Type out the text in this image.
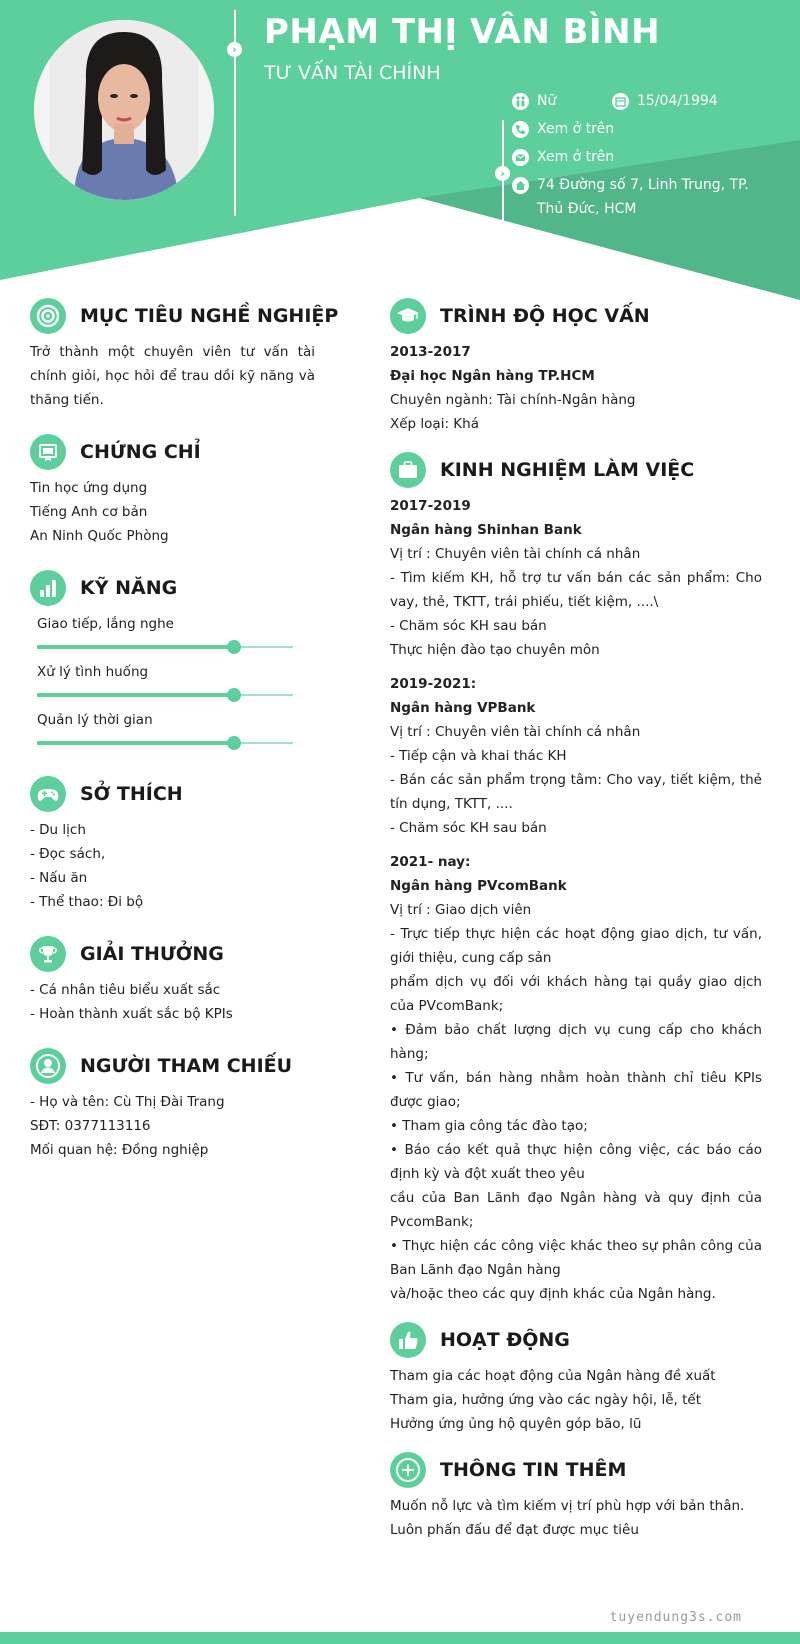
› PHẠM THỊ VÂN BÌNH
TƯ VẤN TÀI CHÍNH
›
Nữ	15/04/1994
Xem ở trên
Xem ở trên
74 Đường số 7, Linh Trung, TP. Thủ Đức, HCM
MỤC TIÊU NGHỀ NGHIỆP
Trở thành một chuyên viên tư vấn tài chính giỏi, học hỏi để trau dồi kỹ năng và thăng tiến.
CHỨNG CHỈ
Tin học ứng dụng
Tiếng Anh cơ bản
An Ninh Quốc Phòng
KỸ NĂNG
Giao tiếp, lắng nghe
Xử lý tình huống
Quản lý thời gian
SỞ THÍCH
- Du lịch
- Đọc sách,
- Nấu ăn
- Thể thao: Đi bộ
GIẢI THƯỞNG
- Cá nhân tiêu biểu xuất sắc
- Hoàn thành xuất sắc bộ KPIs
NGƯỜI THAM CHIẾU
- Họ và tên: Cù Thị Đài Trang
SĐT: 0377113116
Mối quan hệ: Đồng nghiệp
TRÌNH ĐỘ HỌC VẤN
2013-2017
Đại học Ngân hàng TP.HCM
Chuyên ngành: Tài chính-Ngân hàng
Xếp loại: Khá
KINH NGHIỆM LÀM VIỆC
2017-2019
Ngân hàng Shinhan Bank
Vị trí : Chuyên viên tài chính cá nhân
- Tìm kiếm KH, hỗ trợ tư vấn bán các sản phẩm: Cho vay, thẻ, TKTT, trái phiếu, tiết kiệm, ....\
- Chăm sóc KH sau bán
Thực hiện đào tạo chuyên môn
2019-2021:
Ngân hàng VPBank
Vị trí : Chuyên viên tài chính cá nhân
- Tiếp cận và khai thác KH
- Bán các sản phẩm trọng tâm: Cho vay, tiết kiệm, thẻ tín dụng, TKTT, ....
- Chăm sóc KH sau bán
2021- nay:
Ngân hàng PVcomBank
Vị trí : Giao dịch viên
- Trực tiếp thực hiện các hoạt động giao dịch, tư vấn, giới thiệu, cung cấp sản
phẩm dịch vụ đối với khách hàng tại quầy giao dịch của PVcomBank;
• Đảm bảo chất lượng dịch vụ cung cấp cho khách hàng;
• Tư vấn, bán hàng nhằm hoàn thành chỉ tiêu KPIs được giao;
• Tham gia công tác đào tạo;
• Báo cáo kết quả thực hiện công việc, các báo cáo định kỳ và đột xuất theo yêu
cầu của Ban Lãnh đạo Ngân hàng và quy định của PvcomBank;
• Thực hiện các công việc khác theo sự phân công của Ban Lãnh đạo Ngân hàng
và/hoặc theo các quy định khác của Ngân hàng.
HOẠT ĐỘNG
Tham gia các hoạt động của Ngân hàng đề xuất
Tham gia, hưởng ứng vào các ngày hội, lễ, tết
Hưởng ứng ủng hộ quyên góp bão, lũ
THÔNG TIN THÊM
Muốn nỗ lực và tìm kiếm vị trí phù hợp với bản thân.
Luôn phấn đấu để đạt được mục tiêu
tuyendung3s.com
